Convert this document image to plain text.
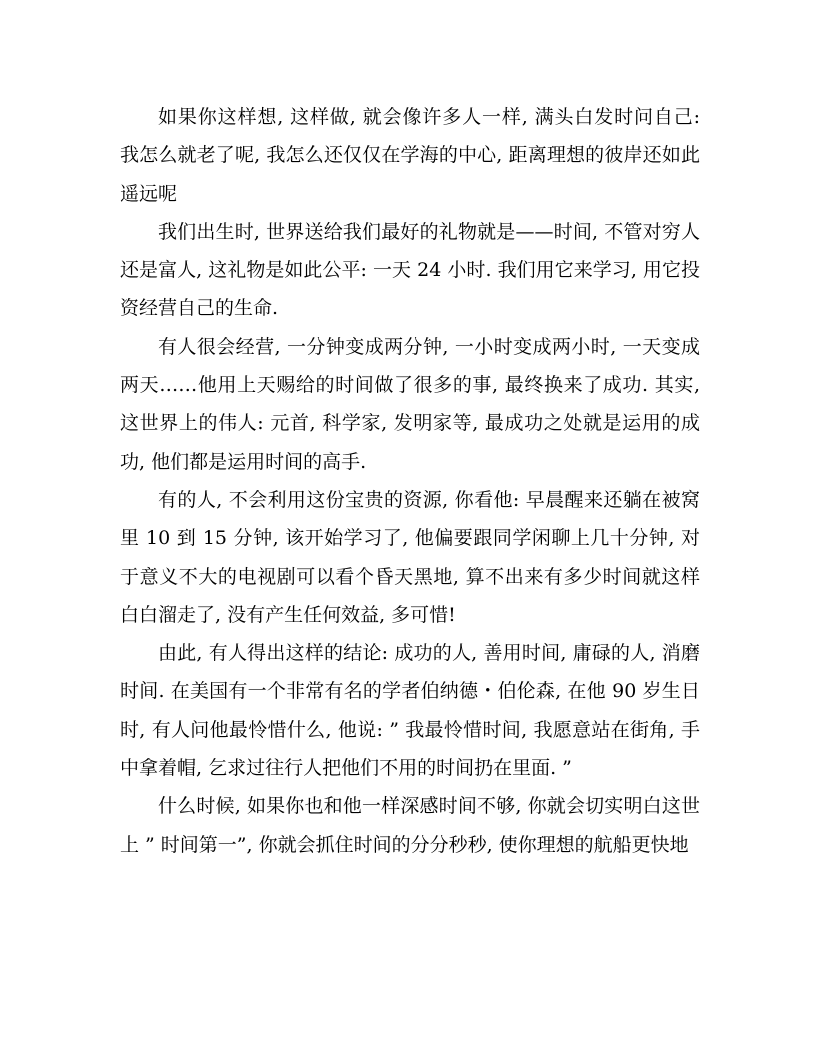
如果你这样想, 这样做, 就会像许多人一样, 满头白发时问自己: 我怎么就老了呢, 我怎么还仅仅在学海的中心, 距离理想的彼岸还如此遥远呢

我们出生时, 世界送给我们最好的礼物就是——时间, 不管对穷人还是富人, 这礼物是如此公平: 一天 24 小时. 我们用它来学习, 用它投资经营自己的生命.

有人很会经营, 一分钟变成两分钟, 一小时变成两小时, 一天变成两天……他用上天赐给的时间做了很多的事, 最终换来了成功. 其实, 这世界上的伟人: 元首, 科学家, 发明家等, 最成功之处就是运用的成功, 他们都是运用时间的高手.

有的人, 不会利用这份宝贵的资源, 你看他: 早晨醒来还躺在被窝里 10 到 15 分钟, 该开始学习了, 他偏要跟同学闲聊上几十分钟, 对于意义不大的电视剧可以看个昏天黑地, 算不出来有多少时间就这样白白溜走了, 没有产生任何效益, 多可惜!

由此, 有人得出这样的结论: 成功的人, 善用时间, 庸碌的人, 消磨时间. 在美国有一个非常有名的学者伯纳德・伯伦森, 在他 90 岁生日时, 有人问他最怜惜什么, 他说: ” 我最怜惜时间, 我愿意站在街角, 手中拿着帽, 乞求过往行人把他们不用的时间扔在里面. ”

什么时候, 如果你也和他一样深感时间不够, 你就会切实明白这世上 ” 时间第一”, 你就会抓住时间的分分秒秒, 使你理想的航船更快地
